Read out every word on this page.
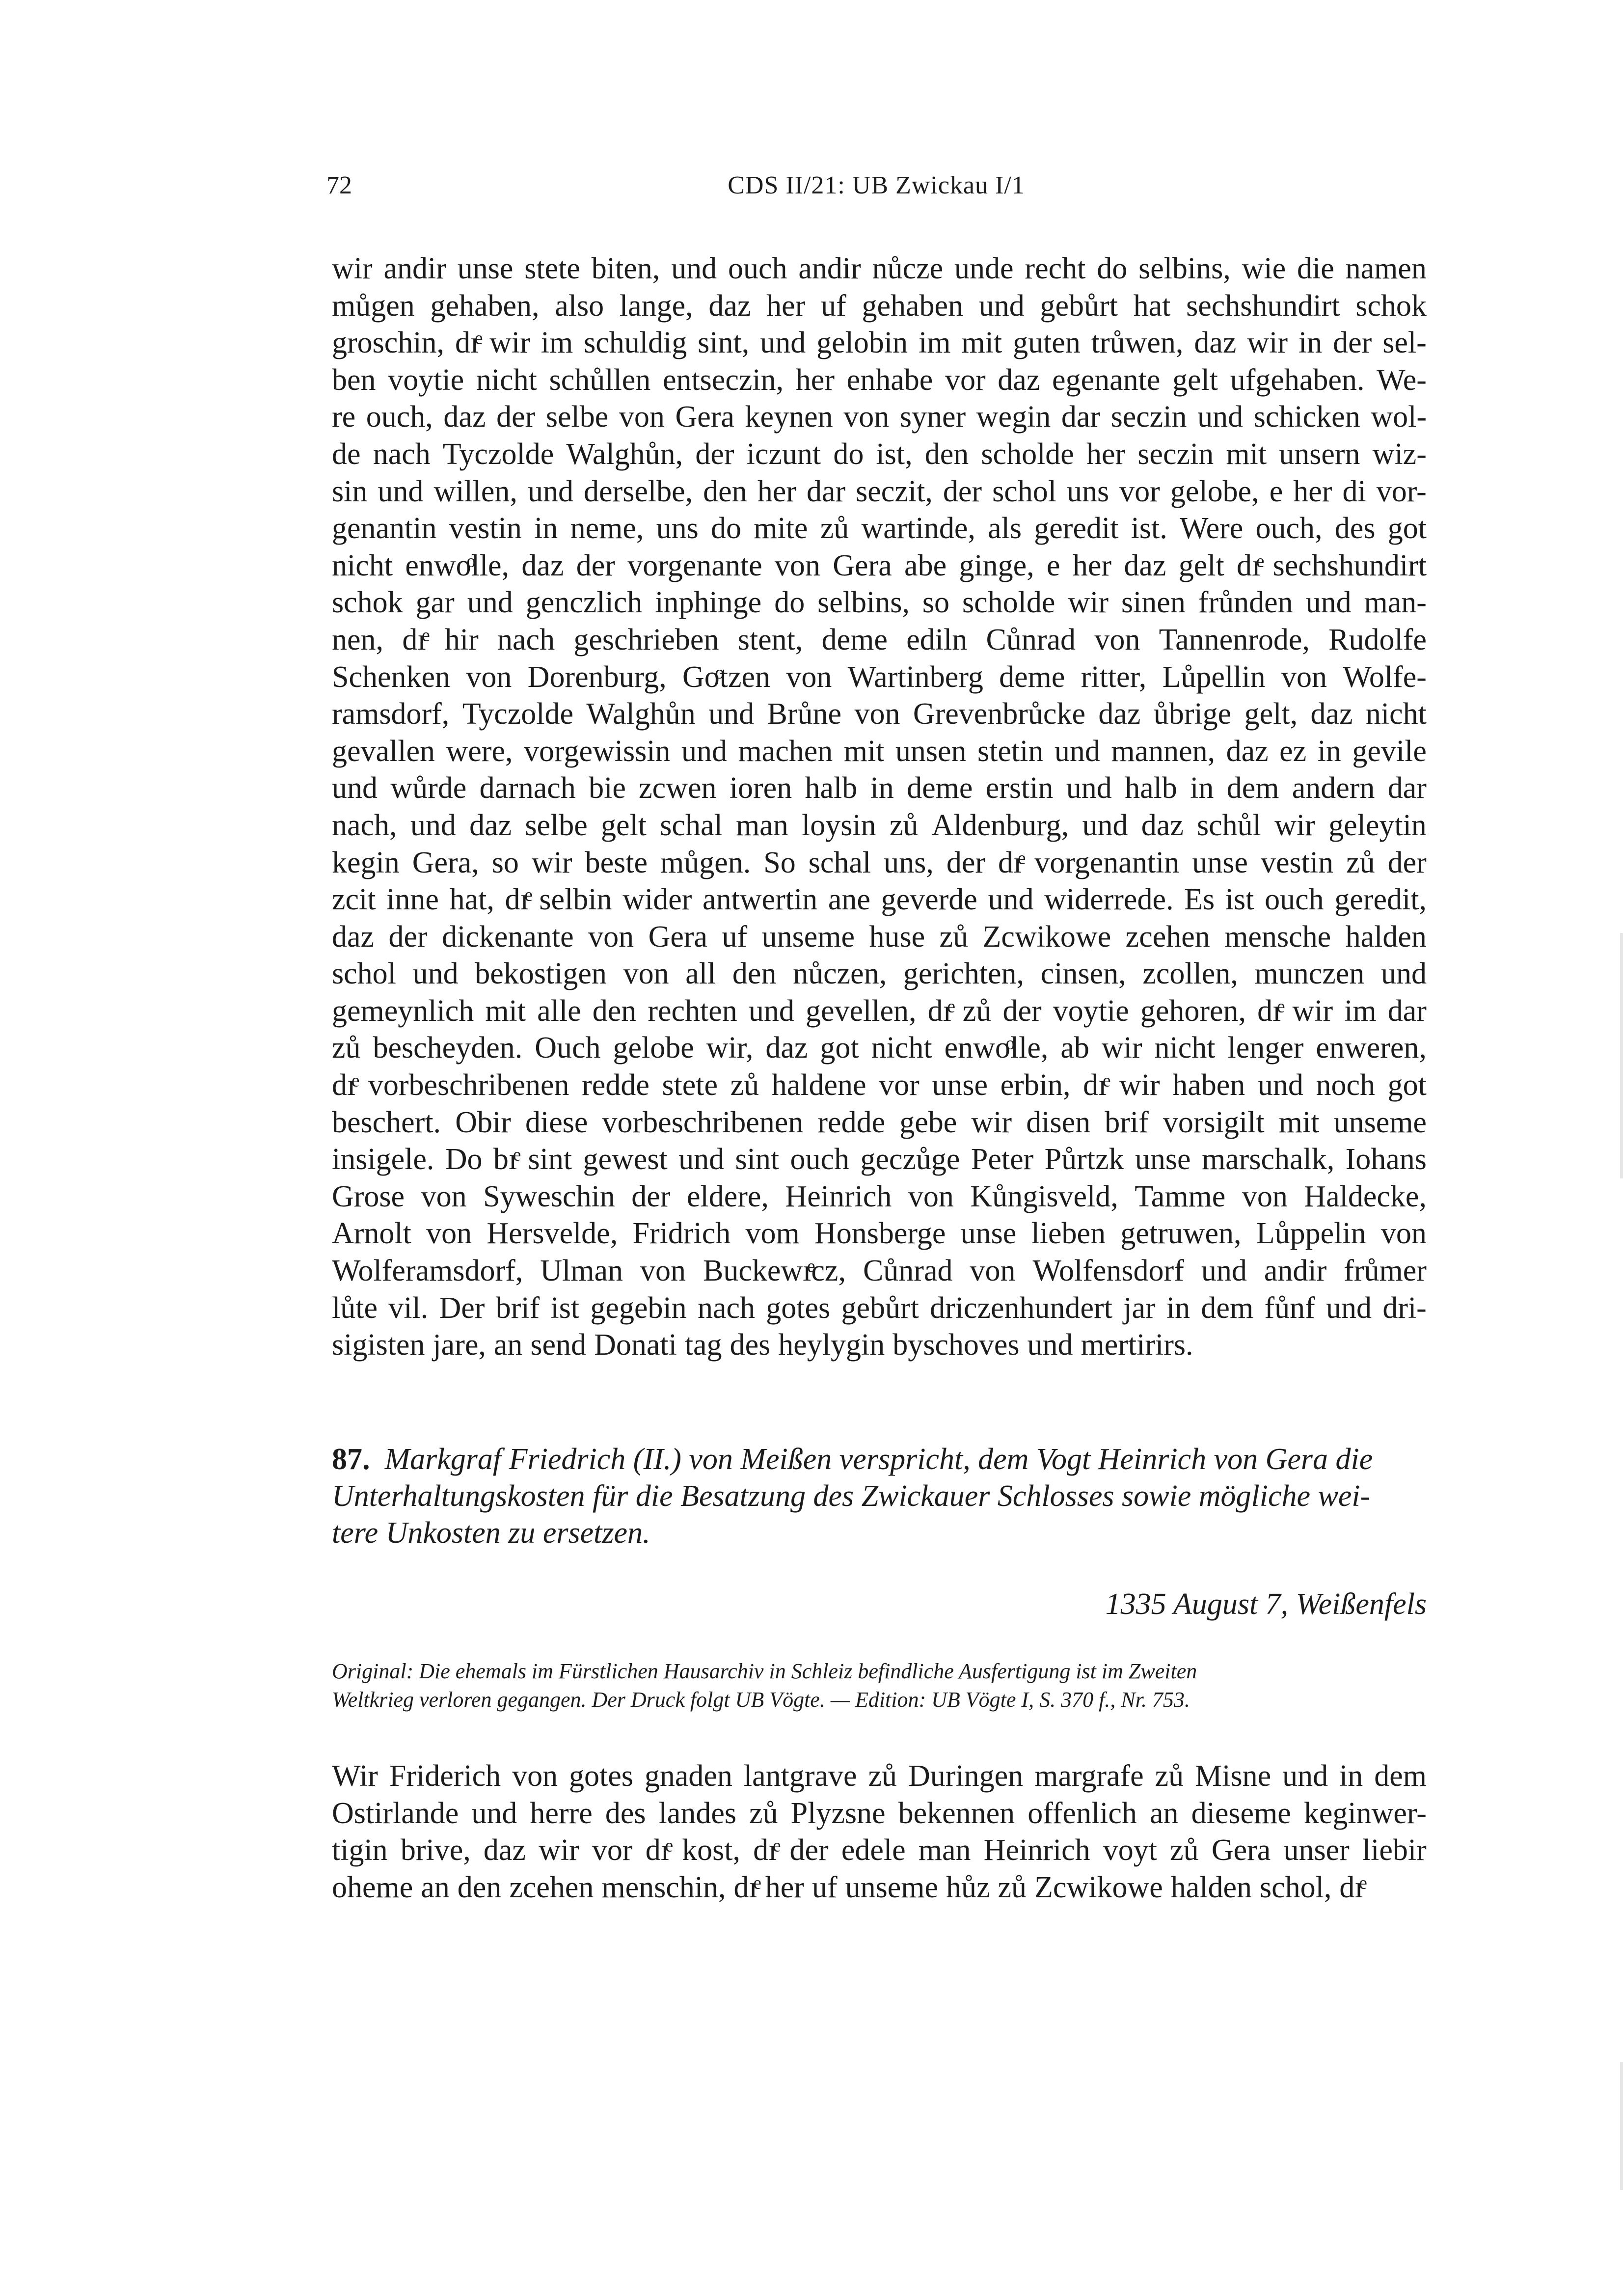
72	CDS II/21: UB Zwickau I/1
wir andir unse stete biten, und ouch andir nůcze unde recht do selbins, wie die namen
můgen gehaben, also lange, daz her uf gehaben und gebůrt hat sechshundirt schok
groschin, dıͤ wir im schuldig sint, und gelobin im mit guten trůwen, daz wir in der sel-
ben voytie nicht schůllen entseczin, her enhabe vor daz egenante gelt ufgehaben. We-
re ouch, daz der selbe von Gera keynen von syner wegin dar seczin und schicken wol-
de nach Tyczolde Walghůn, der iczunt do ist, den scholde her seczin mit unsern wiz-
sin und willen, und derselbe, den her dar seczit, der schol uns vor gelobe, e her di vor-
genantin vestin in neme, uns do mite zů wartinde, als geredit ist. Were ouch, des got
nicht enwoͦlle, daz der vorgenante von Gera abe ginge, e her daz gelt dıͤ sechshundirt
schok gar und genczlich inphinge do selbins, so scholde wir sinen frůnden und man-
nen, dıͤ hir nach geschrieben stent, deme ediln Cůnrad von Tannenrode, Rudolfe
Schenken von Dorenburg, Goͦtzen von Wartinberg deme ritter, Lůpellin von Wolfe-
ramsdorf, Tyczolde Walghůn und Brůne von Grevenbrůcke daz ůbrige gelt, daz nicht
gevallen were, vorgewissin und machen mit unsen stetin und mannen, daz ez in gevile
und wůrde darnach bie zcwen ioren halb in deme erstin und halb in dem andern dar
nach, und daz selbe gelt schal man loysin zů Aldenburg, und daz schůl wir geleytin
kegin Gera, so wir beste můgen. So schal uns, der dıͤ vorgenantin unse vestin zů der
zcit inne hat, dıͤ selbin wider antwertin ane geverde und widerrede. Es ist ouch geredit,
daz der dickenante von Gera uf unseme huse zů Zcwikowe zcehen mensche halden
schol und bekostigen von all den nůczen, gerichten, cinsen, zcollen, munczen und
gemeynlich mit alle den rechten und gevellen, dıͤ zů der voytie gehoren, dıͤ wir im dar
zů bescheyden. Ouch gelobe wir, daz got nicht enwoͦlle, ab wir nicht lenger enweren,
dıͤ vorbeschribenen redde stete zů haldene vor unse erbin, dıͤ wir haben und noch got
beschert. Obir diese vorbeschribenen redde gebe wir disen brif vorsigilt mit unseme
insigele. Do bıͤ sint gewest und sint ouch geczůge Peter Půrtzk unse marschalk, Iohans
Grose von Syweschin der eldere, Heinrich von Kůngisveld, Tamme von Haldecke,
Arnolt von Hersvelde, Fridrich vom Honsberge unse lieben getruwen, Lůppelin von
Wolferamsdorf, Ulman von Buckewıͤcz, Cůnrad von Wolfensdorf und andir frůmer
lůte vil. Der brif ist gegebin nach gotes gebůrt driczenhundert jar in dem fůnf und dri-
sigisten jare, an send Donati tag des heylygin byschoves und mertirirs.
87. Markgraf Friedrich (II.) von Meißen verspricht, dem Vogt Heinrich von Gera die
Unterhaltungskosten für die Besatzung des Zwickauer Schlosses sowie mögliche wei-
tere Unkosten zu ersetzen.
1335 August 7, Weißenfels
Original: Die ehemals im Fürstlichen Hausarchiv in Schleiz befindliche Ausfertigung ist im Zweiten
Weltkrieg verloren gegangen. Der Druck folgt UB Vögte. — Edition: UB Vögte I, S. 370 f., Nr. 753.
Wir Friderich von gotes gnaden lantgrave zů Duringen margrafe zů Misne und in dem
Ostirlande und herre des landes zů Plyzsne bekennen offenlich an dieseme keginwer-
tigin brive, daz wir vor dıͤ kost, dıͤ der edele man Heinrich voyt zů Gera unser liebir
oheme an den zcehen menschin, dıͤ her uf unseme hůz zů Zcwikowe halden schol, dıͤ
